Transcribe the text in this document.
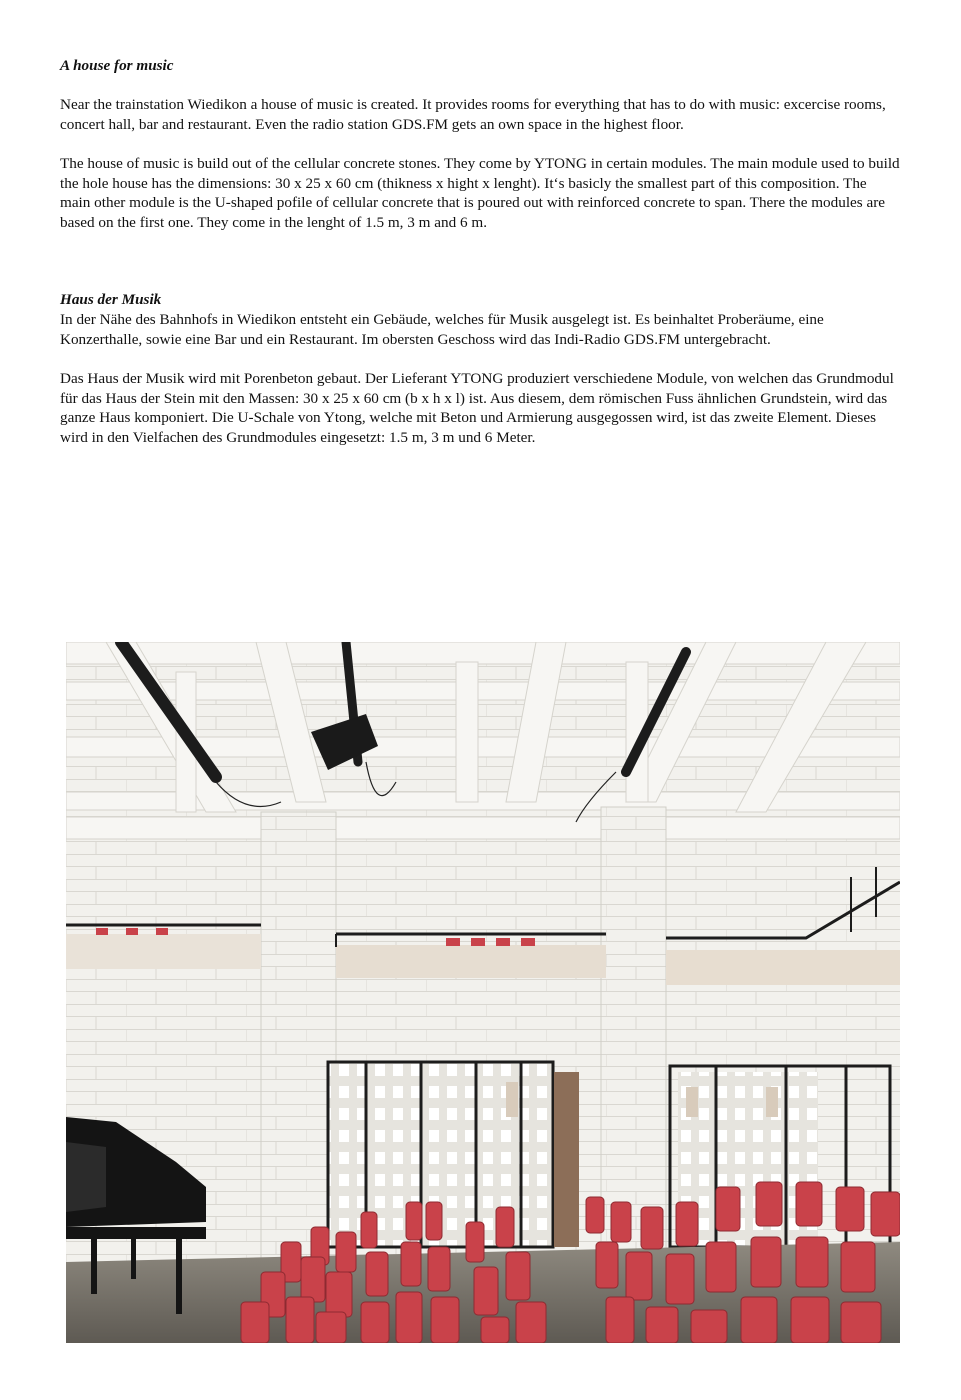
A house for music

Near the trainstation Wiedikon a house of music is created. It provides rooms for everything that has to do with music: excercise rooms, concert hall, bar and restaurant. Even the radio station GDS.FM gets an own space in the highest floor.

The house of music is build out of the cellular concrete stones. They come by YTONG in certain modules. The main module used to build the hole house has the dimensions: 30 x 25 x 60 cm (thikness x hight x lenght). It‘s basicly the smallest part of this composition. The main other module is the U-shaped pofile of cellular concrete that is poured out with reinforced concrete to span. There the modules are based on the first one. They come in the lenght of 1.5 m, 3 m and 6 m.

Haus der Musik

In der Nähe des Bahnhofs in Wiedikon entsteht ein Gebäude, welches für Musik ausgelegt ist. Es beinhaltet Proberäume, eine Konzerthalle, sowie eine Bar und ein Restaurant. Im obersten Geschoss wird das Indi-Radio GDS.FM untergebracht.

Das Haus der Musik wird mit Porenbeton gebaut. Der Lieferant YTONG produziert verschiedene Module, von welchen das Grundmodul für das Haus der Stein mit den Massen: 30 x 25 x 60 cm (b x h x l) ist. Aus diesem, dem römischen Fuss ähnlichen Grundstein, wird das ganze Haus komponiert. Die U-Schale von Ytong, welche mit Beton und Armierung ausgegossen wird, ist das zweite Element. Dieses wird in den Vielfachen des Grundmodules eingesetzt: 1.5 m, 3 m und 6 Meter.
